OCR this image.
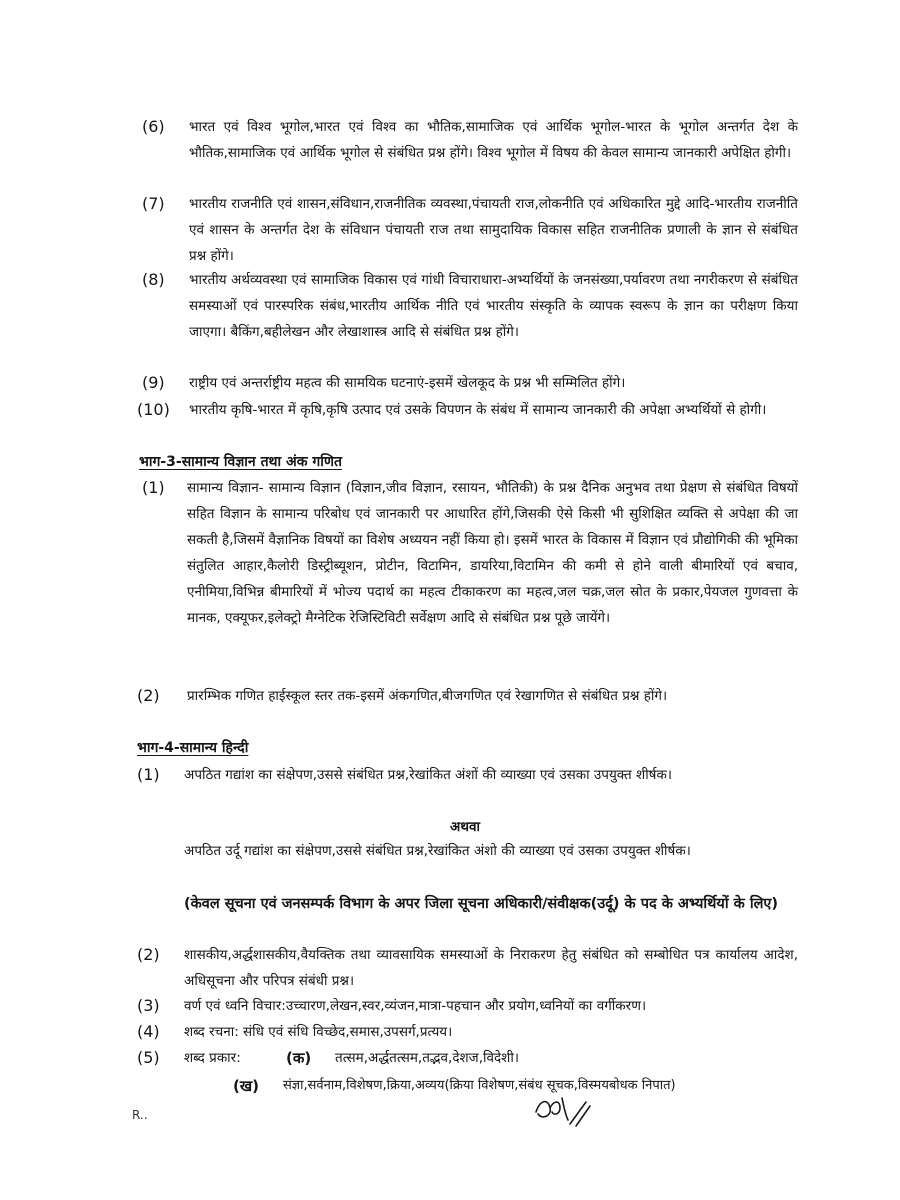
(6) भारत एवं विश्व भूगोल,भारत एवं विश्व का भौतिक,सामाजिक एवं आर्थिक भूगोल-भारत के भूगोल अन्तर्गत देश के भौतिक,सामाजिक एवं आर्थिक भूगोल से संबंधित प्रश्न होंगे। विश्व भूगोल में विषय की केवल सामान्य जानकारी अपेक्षित होगी।
(7) भारतीय राजनीति एवं शासन,संविधान,राजनीतिक व्यवस्था,पंचायती राज,लोकनीति एवं अधिकारित मुद्दे आदि-भारतीय राजनीति एवं शासन के अन्तर्गत देश के संविधान पंचायती राज तथा सामुदायिक विकास सहित राजनीतिक प्रणाली के ज्ञान से संबंधित प्रश्न होंगे।
(8) भारतीय अर्थव्यवस्था एवं सामाजिक विकास एवं गांधी विचाराधारा-अभ्यर्थियों के जनसंख्या,पर्यावरण तथा नगरीकरण से संबंधित समस्याओं एवं पारस्परिक संबंध,भारतीय आर्थिक नीति एवं भारतीय संस्कृति के व्यापक स्वरूप के ज्ञान का परीक्षण किया जाएगा। बैकिंग,बहीलेखन और लेखाशास्त्र आदि से संबंधित प्रश्न होंगे।
(9) राष्ट्रीय एवं अन्तर्राष्ट्रीय महत्व की सामयिक घटनाएं-इसमें खेलकूद के प्रश्न भी सम्मिलित होंगे।
(10) भारतीय कृषि-भारत में कृषि,कृषि उत्पाद एवं उसके विपणन के संबंध में सामान्य जानकारी की अपेक्षा अभ्यर्थियों से होगी।
भाग-3-सामान्य विज्ञान तथा अंक गणित
(1) सामान्य विज्ञान- सामान्य विज्ञान (विज्ञान,जीव विज्ञान, रसायन, भौतिकी) के प्रश्न दैनिक अनुभव तथा प्रेक्षण से संबंधित विषयों सहित विज्ञान के सामान्य परिबोध एवं जानकारी पर आधारित होंगे,जिसकी ऐसे किसी भी सुशिक्षित व्यक्ति से अपेक्षा की जा सकती है,जिसमें वैज्ञानिक विषयों का विशेष अध्ययन नहीं किया हो। इसमें भारत के विकास में विज्ञान एवं प्रौद्योगिकी की भूमिका संतुलित आहार,कैलोरी डिस्ट्रीब्यूशन, प्रोटीन, विटामिन, डायरिया,विटामिन की कमी से होने वाली बीमारियों एवं बचाव, एनीमिया,विभिन्न बीमारियों में भोज्य पदार्थ का महत्व टीकाकरण का महत्व,जल चक्र,जल स्रोत के प्रकार,पेयजल गुणवत्ता के मानक, एक्यूफर,इलेक्ट्रो मैग्नेटिक रेजिस्टिविटी सर्वेक्षण आदि से संबंधित प्रश्न पूछे जायेंगे।
(2) प्रारम्भिक गणित हाईस्कूल स्तर तक-इसमें अंकगणित,बीजगणित एवं रेखागणित से संबंधित प्रश्न होंगे।
भाग-4-सामान्य हिन्दी
(1) अपठित गद्यांश का संक्षेपण,उससे संबंधित प्रश्न,रेखांकित अंशों की व्याख्या एवं उसका उपयुक्त शीर्षक।
अथवा
अपठित उर्दू गद्यांश का संक्षेपण,उससे संबंधित प्रश्न,रेखांकित अंशो की व्याख्या एवं उसका उपयुक्त शीर्षक।
(केवल सूचना एवं जनसम्पर्क विभाग के अपर जिला सूचना अधिकारी/संवीक्षक(उर्दू) के पद के अभ्यर्थियों के लिए)
(2) शासकीय,अर्द्धशासकीय,वैयक्तिक तथा व्यावसायिक समस्याओं के निराकरण हेतु संबंधित को सम्बोधित पत्र कार्यालय आदेश, अधिसूचना और परिपत्र संबंधी प्रश्न।
(3) वर्ण एवं ध्वनि विचार:उच्चारण,लेखन,स्वर,व्यंजन,मात्रा-पहचान और प्रयोग,ध्वनियों का वर्गीकरण।
(4) शब्द रचना: संधि एवं संधि विच्छेद,समास,उपसर्ग,प्रत्यय।
(5) शब्द प्रकार:	(क) तत्सम,अर्द्धतत्सम,तद्भव,देशज,विदेशी।
(ख) संज्ञा,सर्वनाम,विशेषण,क्रिया,अव्यय(क्रिया विशेषण,संबंध सूचक,विस्मयबोधक निपात)
R..
